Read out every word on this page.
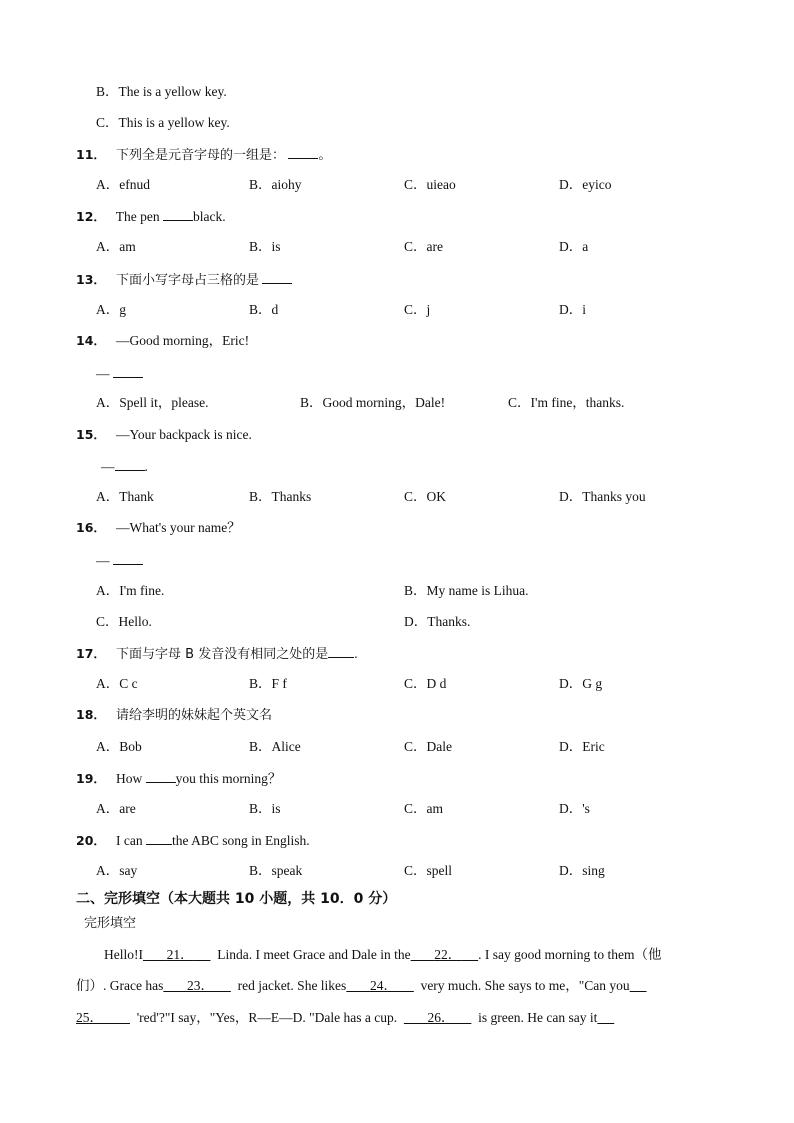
B．The is a yellow key.
C．This is a yellow key.
11． 下列全是元音字母的一组是： 。
A．efnud	B．aiohy	C．uieao	D．eyico
12． The pen black.
A．am	B．is	C．are	D．a
13． 下面小写字母占三格的是
A．g	B．d	C．j	D．i
14． —Good morning，Eric!
—
A．Spell it，please.	B．Good morning，Dale!	C．I'm fine，thanks.
15． —Your backpack is nice.
— .
A．Thank	B．Thanks	C．OK	D．Thanks you
16． —What's your name？
—
A．I'm fine.	B．My name is Lihua.
C．Hello.	D．Thanks.
17． 下面与字母 B 发音没有相同之处的是 .
A．C c	B．F f	C．D d	D．G g
18． 请给李明的妹妹起个英文名
A．Bob	B．Alice	C．Dale	D．Eric
19． How you this morning？
A．are	B．is	C．am	D．'s
20． I can the ABC song in English.
A．say	B．speak	C．spell	D．sing
二、完形填空（本大题共 10 小题，共 10．0 分）
完形填空
Hello!I 21． Linda. I meet Grace and Dale in the 22． . I say good morning to them（他
们）. Grace has 23． red jacket. She likes 24． very much. She says to me，"Can you
25．	'red'?"I say，"Yes，R—E—D. "Dale has a cup. 26． is green. He can say it
